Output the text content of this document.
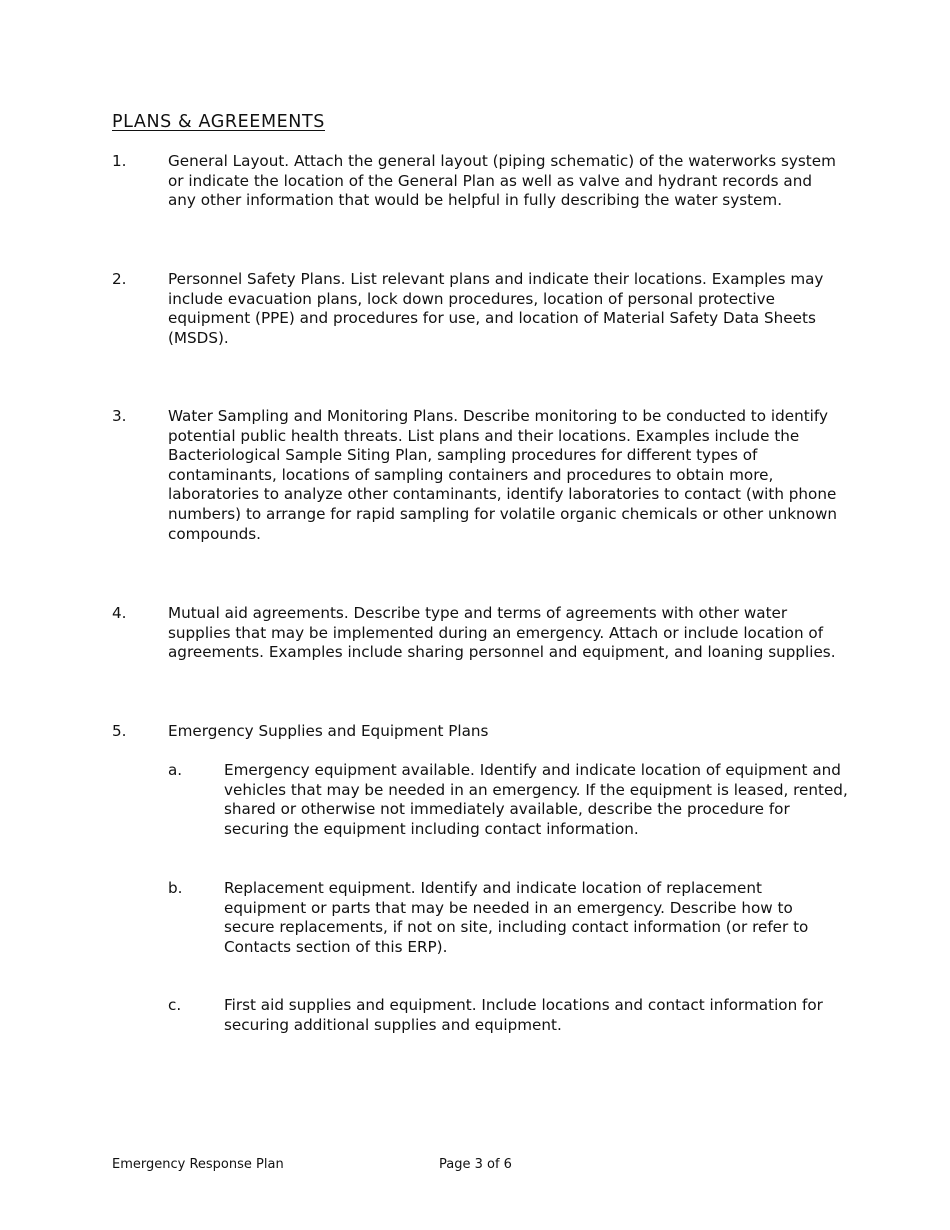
PLANS & AGREEMENTS
1.	General Layout. Attach the general layout (piping schematic) of the waterworks system or indicate the location of the General Plan as well as valve and hydrant records and any other information that would be helpful in fully describing the water system.
2.	Personnel Safety Plans. List relevant plans and indicate their locations. Examples may include evacuation plans, lock down procedures, location of personal protective equipment (PPE) and procedures for use, and location of Material Safety Data Sheets (MSDS).
3.	Water Sampling and Monitoring Plans. Describe monitoring to be conducted to identify potential public health threats. List plans and their locations. Examples include the Bacteriological Sample Siting Plan, sampling procedures for different types of contaminants, locations of sampling containers and procedures to obtain more, laboratories to analyze other contaminants, identify laboratories to contact (with phone numbers) to arrange for rapid sampling for volatile organic chemicals or other unknown compounds.
4.	Mutual aid agreements. Describe type and terms of agreements with other water supplies that may be implemented during an emergency. Attach or include location of agreements. Examples include sharing personnel and equipment, and loaning supplies.
5.	Emergency Supplies and Equipment Plans
a.	Emergency equipment available. Identify and indicate location of equipment and vehicles that may be needed in an emergency. If the equipment is leased, rented, shared or otherwise not immediately available, describe the procedure for securing the equipment including contact information.
b.	Replacement equipment. Identify and indicate location of replacement equipment or parts that may be needed in an emergency. Describe how to secure replacements, if not on site, including contact information (or refer to Contacts section of this ERP).
c.	First aid supplies and equipment. Include locations and contact information for securing additional supplies and equipment.
Emergency Response Plan	Page 3 of 6
